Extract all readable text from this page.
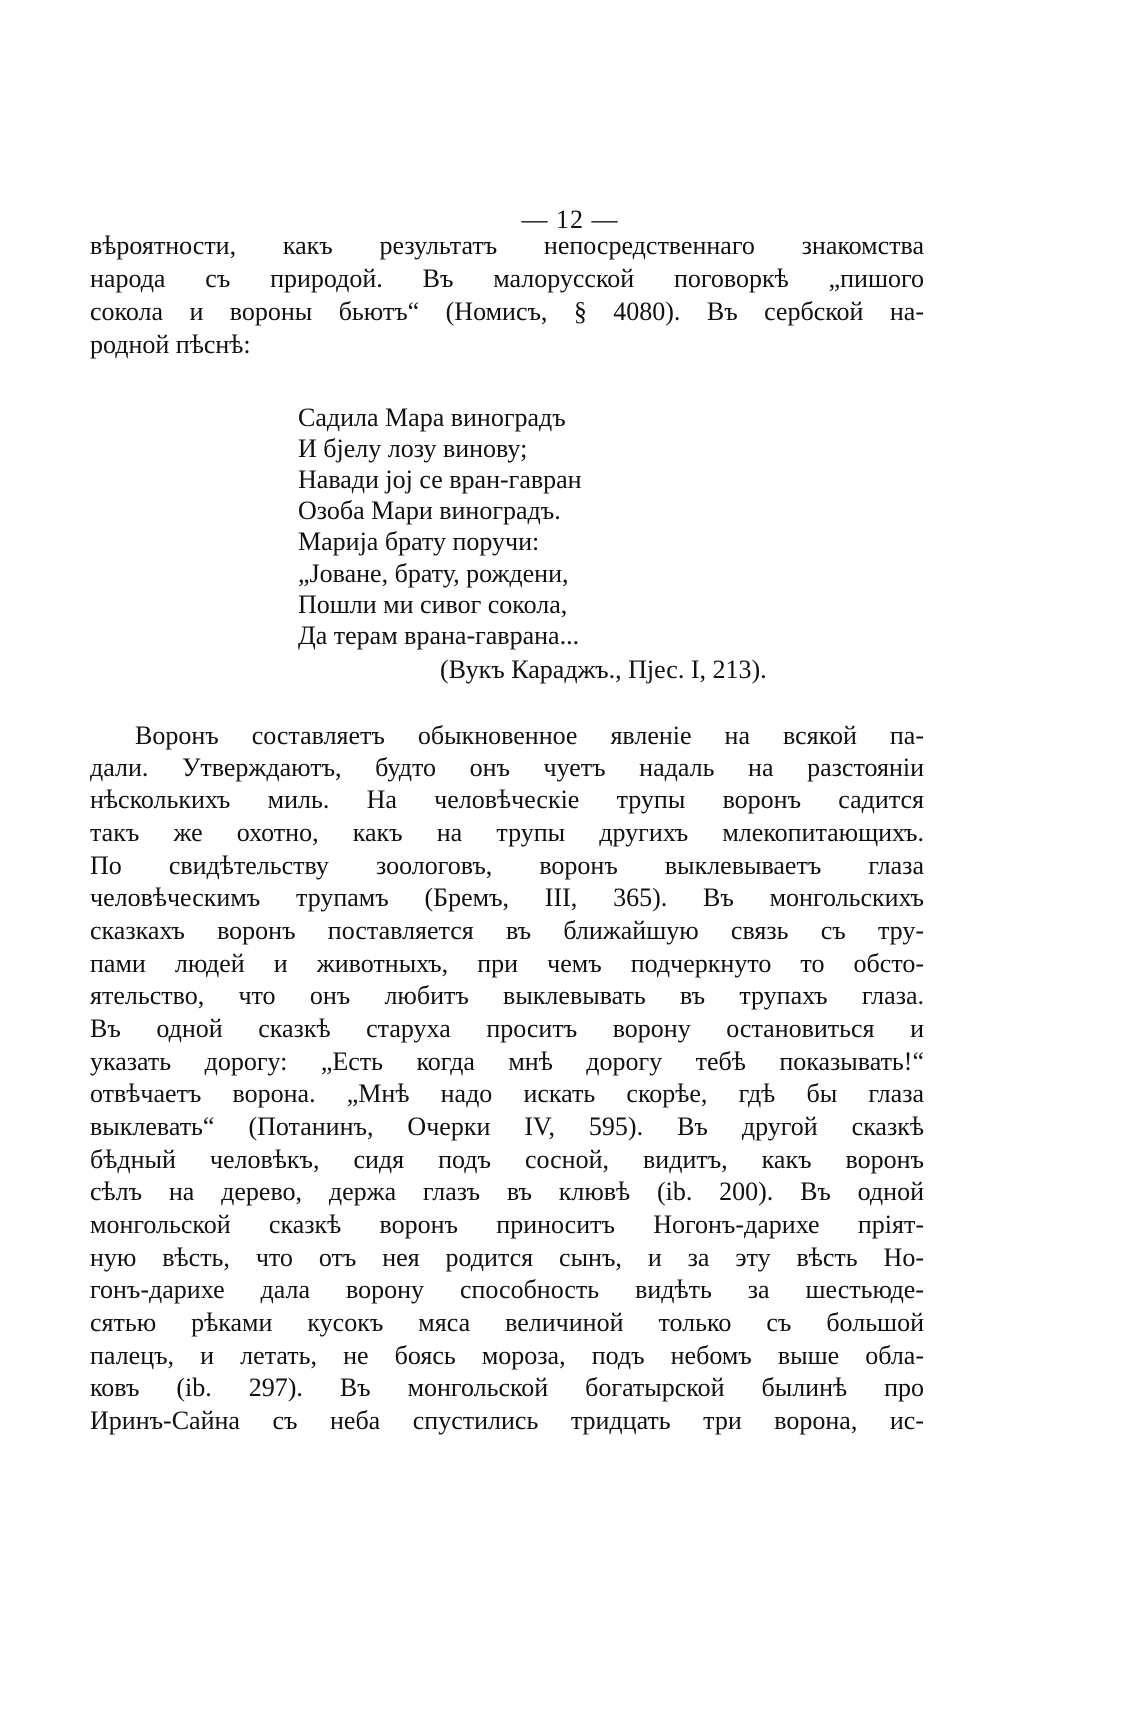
— 12 —
вѣроятности, какъ результатъ непосредственнаго знакомства
народа съ природой. Въ малорусской поговоркѣ „пишого
сокола и вороны бьютъ“ (Номисъ, § 4080). Въ сербской на-
родной пѣснѣ:
Садила Мара виноградъ
И бjелу лозу винову;
Навади joj се вран-гавран
Озоба Мари виноградъ.
Марија брату поручи:
„Jоване, брату, рождени,
Пошли ми сивог сокола,
Да терам врана-гаврана...
(Вукъ Караджъ., Пjес. I, 213).
Воронъ составляетъ обыкновенное явленiе на всякой па-
дали. Утверждаютъ, будто онъ чуетъ надаль на разстоянiи
нѣсколькихъ миль. На человѣческiе трупы воронъ садится
такъ же охотно, какъ на трупы другихъ млекопитающихъ.
По свидѣтельству зоологовъ, воронъ выклевываетъ глаза
человѣческимъ трупамъ (Бремъ, III, 365). Въ монгольскихъ
сказкахъ воронъ поставляется въ ближайшую связь съ тру-
пами людей и животныхъ, при чемъ подчеркнуто то обсто-
ятельство, что онъ любитъ выклевывать въ трупахъ глаза.
Въ одной сказкѣ старуха проситъ ворону остановиться и
указать дорогу: „Есть когда мнѣ дорогу тебѣ показывать!“
отвѣчаетъ ворона. „Мнѣ надо искать скорѣе, гдѣ бы глаза
выклевать“ (Потанинъ, Очерки IV, 595). Въ другой сказкѣ
бѣдный человѣкъ, сидя подъ сосной, видитъ, какъ воронъ
сѣлъ на дерево, держа глазъ въ клювѣ (ib. 200). Въ одной
монгольской сказкѣ воронъ приноситъ Ногонъ-дарихе прiят-
ную вѣсть, что отъ нея родится сынъ, и за эту вѣсть Но-
гонъ-дарихе дала ворону способность видѣть за шестьюде-
сятью рѣками кусокъ мяса величиной только съ большой
палецъ, и летать, не боясь мороза, подъ небомъ выше обла-
ковъ (ib. 297). Въ монгольской богатырской былинѣ про
Иринъ-Сайна съ неба спустились тридцать три ворона, ис-
